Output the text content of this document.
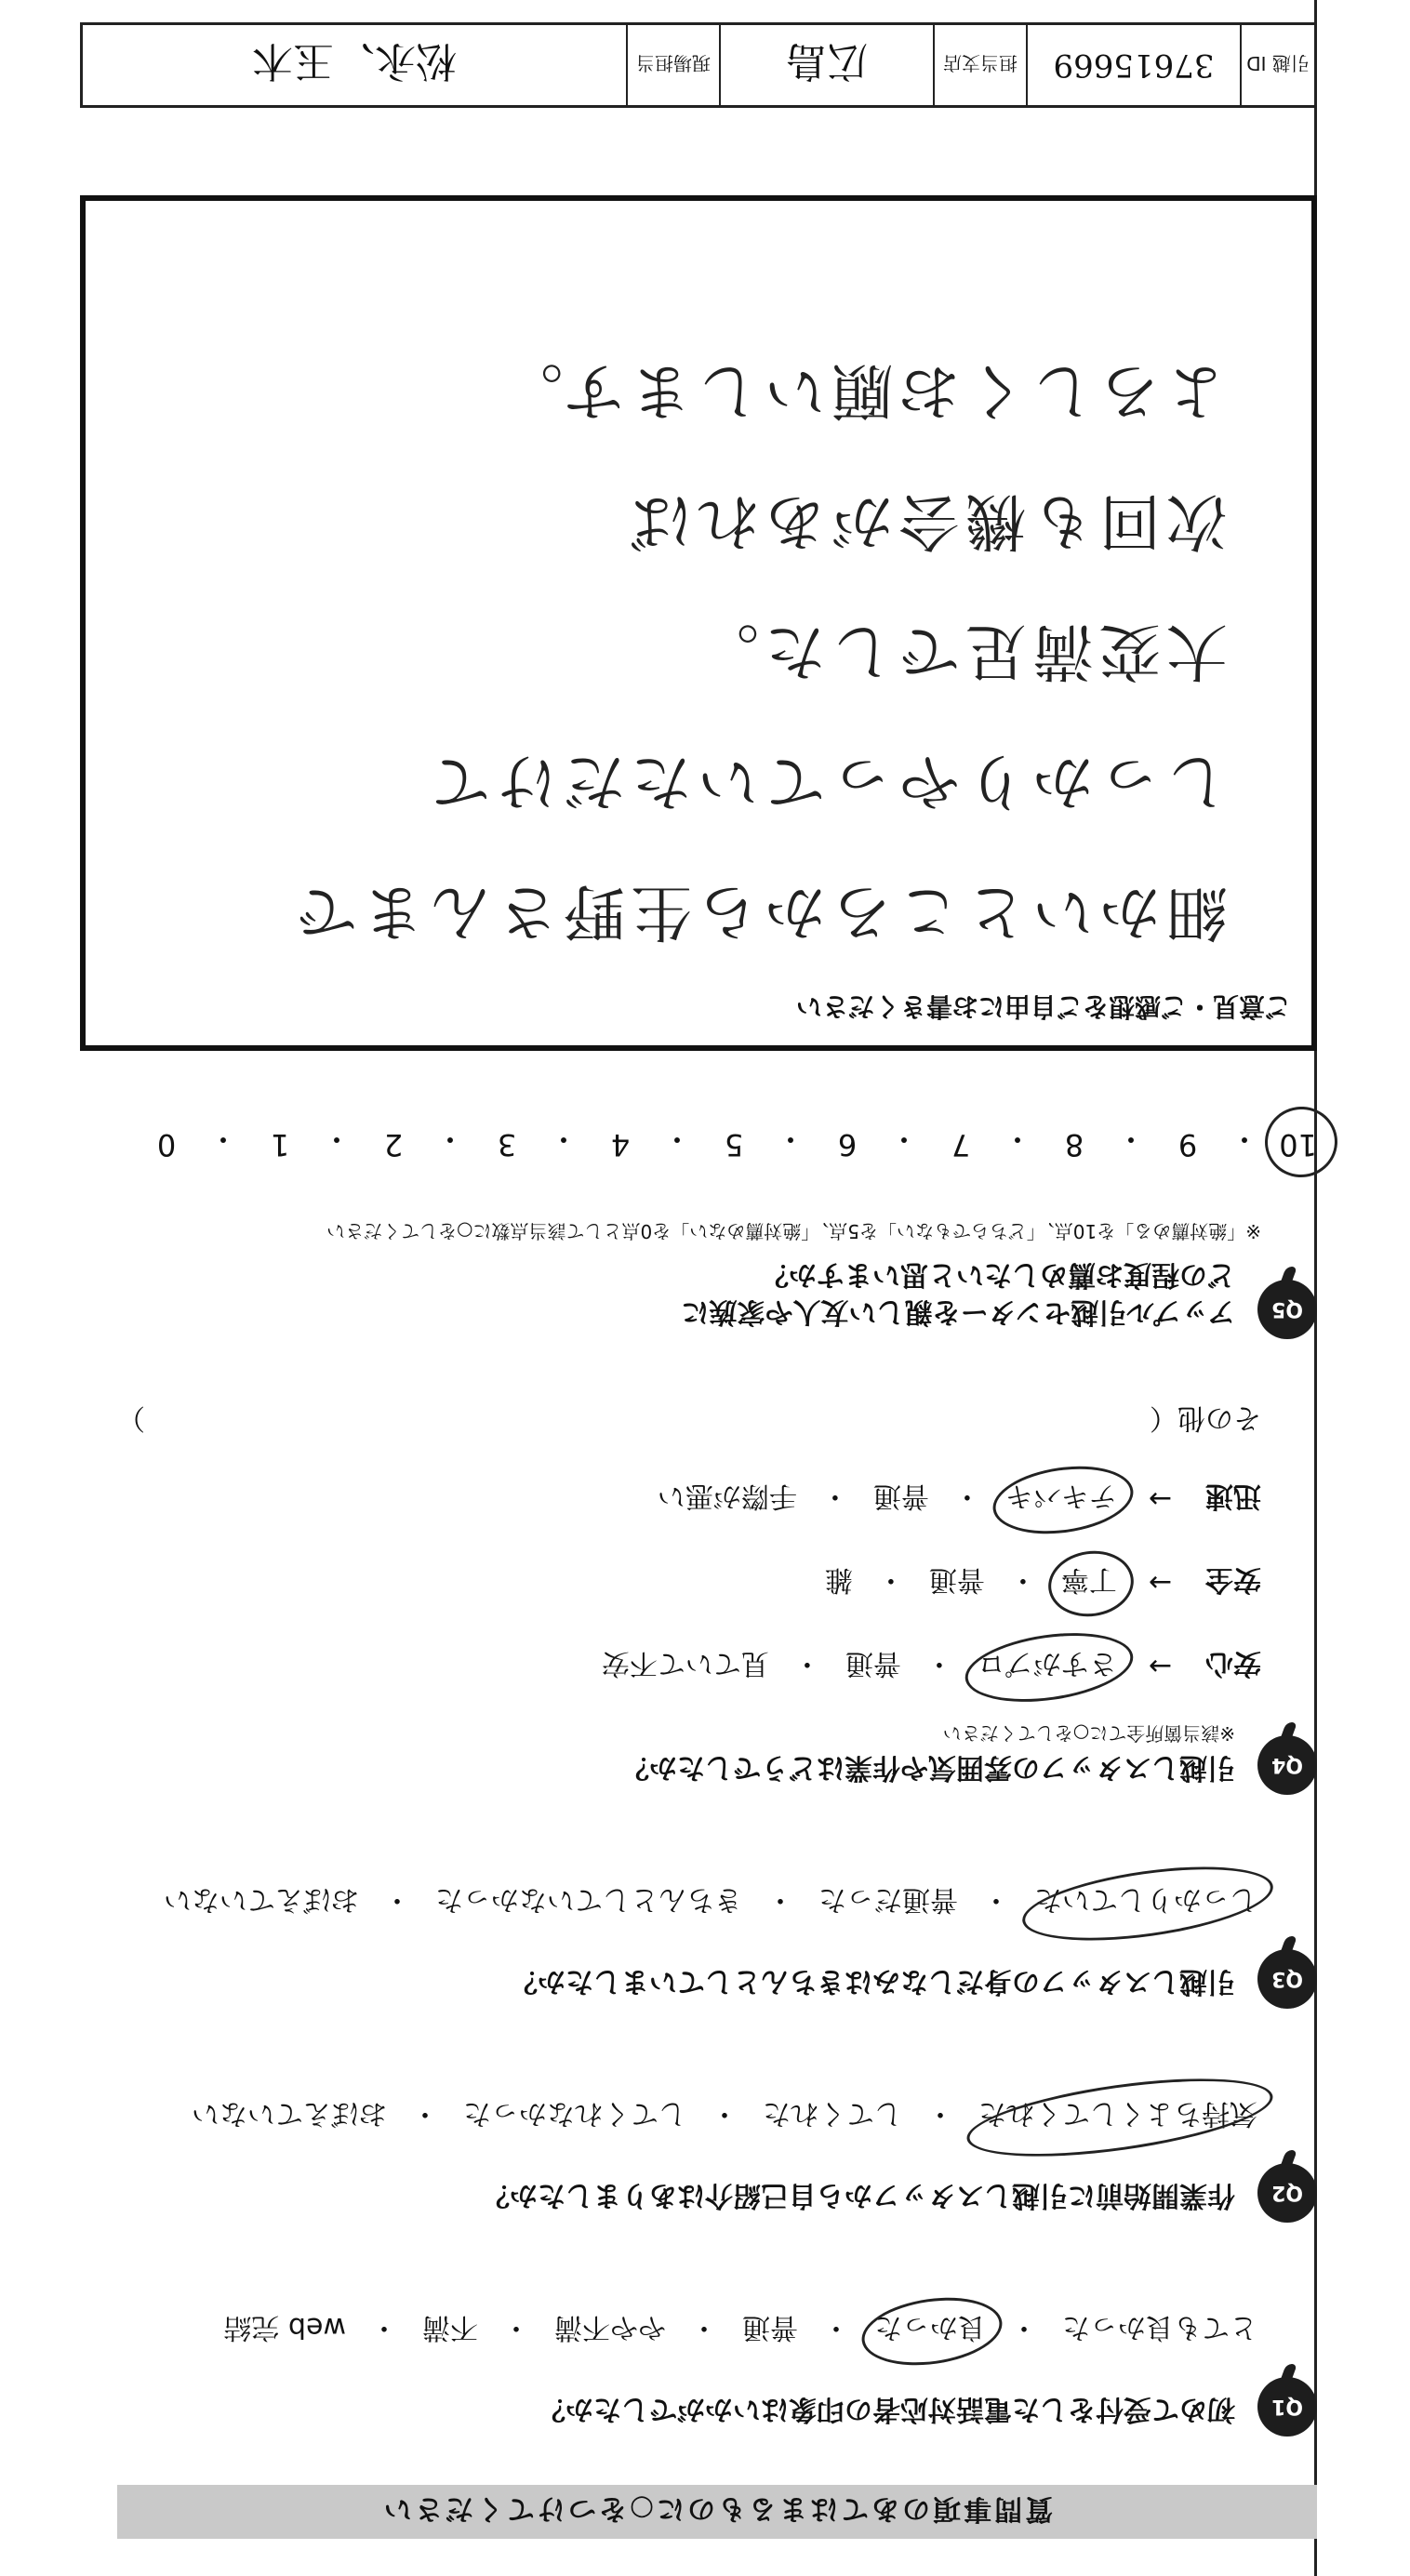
質問事項のあてはまるものに○をつけてください
Q1
初めて受付をした電話対応者の印象はいかがでしたか？
とても良かった
・
良かった
・
普通
・
やや不満
・
不満
・
web 完結
Q2
作業開始前に引越しスタッフから自己紹介はありましたか？
気持ちよくしてくれた
・
してくれた
・
してくれなかった
・
おぼえていない
Q3
引越しスタッフの身だしなみはきちんとしていましたか？
しっかりしていた
・
普通だった
・
きちんとしていなかった
・
おぼえていない
Q4
引越しスタッフの雰囲気や作業はどうでしたか？
※該当箇所全てに○をしてください
安心
→
さすがプロ
・
普通
・
見ていて不安
安全
→
丁寧
・
普通
・
雑
迅速
→
テキパキ
・
普通
・
手際が悪い
その他（
）
Q5
アップル引越センターを親しい友人や家族に
どの程度お薦めしたいと思いますか？
※「絶対薦める」を10点、「どちらでもない」を5点、「絶対薦めない」を0点として該当点数に○をしてください
10
・
9
・
8
・
7
・
6
・
5
・
4
・
3
・
2
・
1
・
0
ご意見・ご感想をご自由にお書きください
細かいところから生野さんまで
しっかりやっていただけて
大変満足でした。
次回も機会があれば
よろしくお願いします。
引越 ID
37615669
担当支店
広島
現場担当
松永、玉木
